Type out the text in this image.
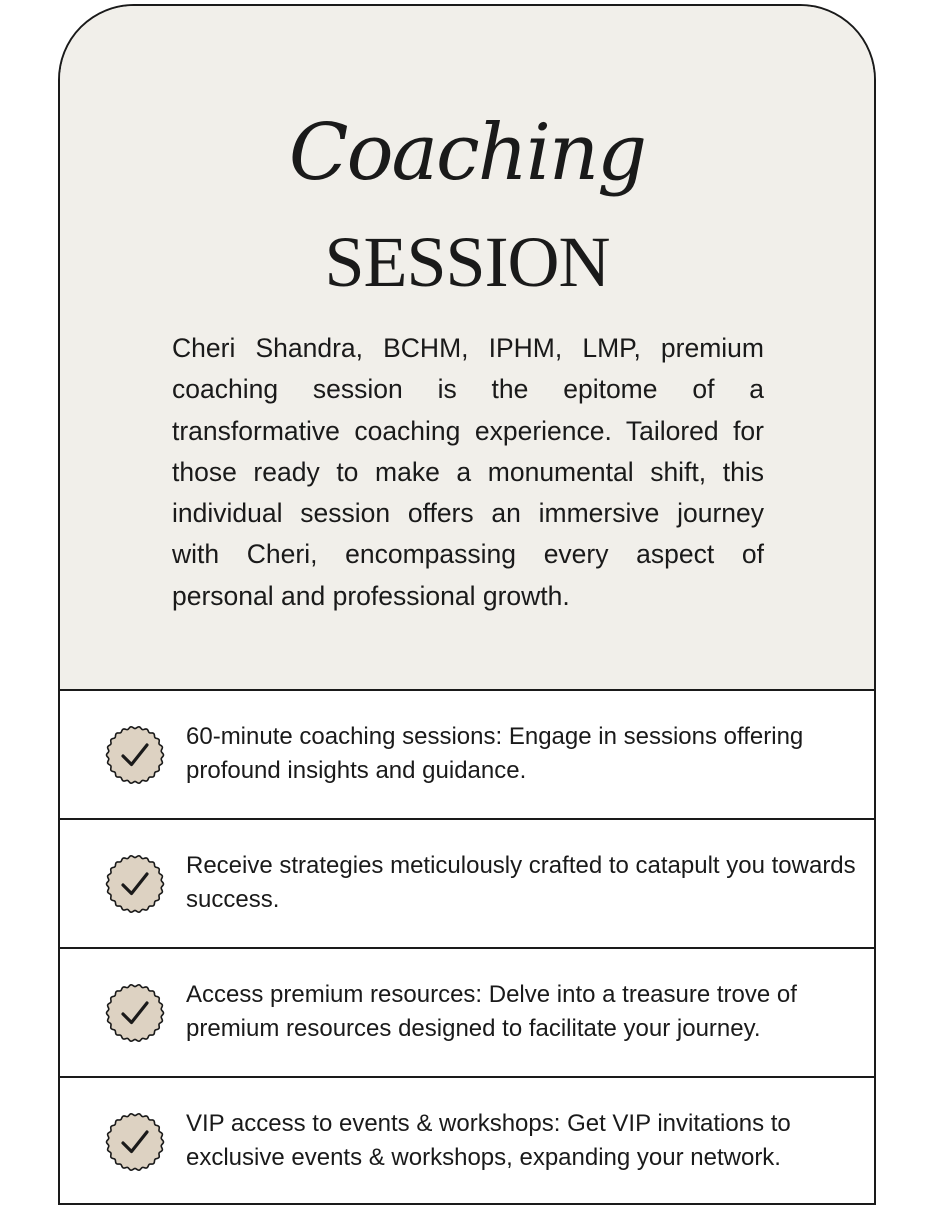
Coaching
SESSION
Cheri Shandra, BCHM, IPHM, LMP, premium coaching session is the epitome of a transformative coaching experience. Tailored for those ready to make a monumental shift, this individual session offers an immersive journey with Cheri, encompassing every aspect of personal and professional growth.
60-minute coaching sessions: Engage in sessions offering profound insights and guidance.
Receive strategies meticulously crafted to catapult you towards success.
Access premium resources: Delve into a treasure trove of premium resources designed to facilitate your journey.
VIP access to events & workshops: Get VIP invitations to exclusive events & workshops, expanding your network.
